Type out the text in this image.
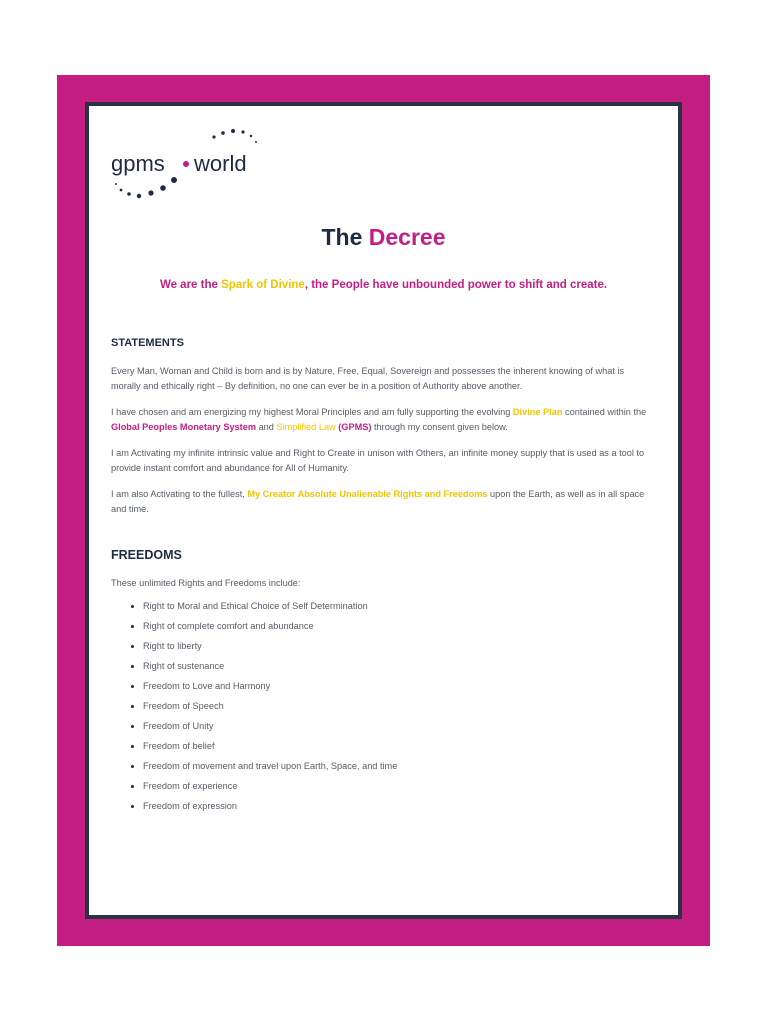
gpms world
The Decree
We are the Spark of Divine, the People have unbounded power to shift and create.
STATEMENTS

Every Man, Woman and Child is born and is by Nature, Free, Equal, Sovereign and possesses the inherent knowing of what is morally and ethically right – By definition, no one can ever be in a position of Authority above another.

I have chosen and am energizing my highest Moral Principles and am fully supporting the evolving Divine Plan contained within the Global Peoples Monetary System and Simplified Law (GPMS) through my consent given below.

I am Activating my infinite intrinsic value and Right to Create in unison with Others, an infinite money supply that is used as a tool to provide instant comfort and abundance for All of Humanity.

I am also Activating to the fullest, My Creator Absolute Unalienable Rights and Freedoms upon the Earth, as well as in all space and time.

FREEDOMS

These unlimited Rights and Freedoms include:

• Right to Moral and Ethical Choice of Self Determination
• Right of complete comfort and abundance
• Right to liberty
• Right of sustenance
• Freedom to Love and Harmony
• Freedom of Speech
• Freedom of Unity
• Freedom of belief
• Freedom of movement and travel upon Earth, Space, and time
• Freedom of experience
• Freedom of expression
